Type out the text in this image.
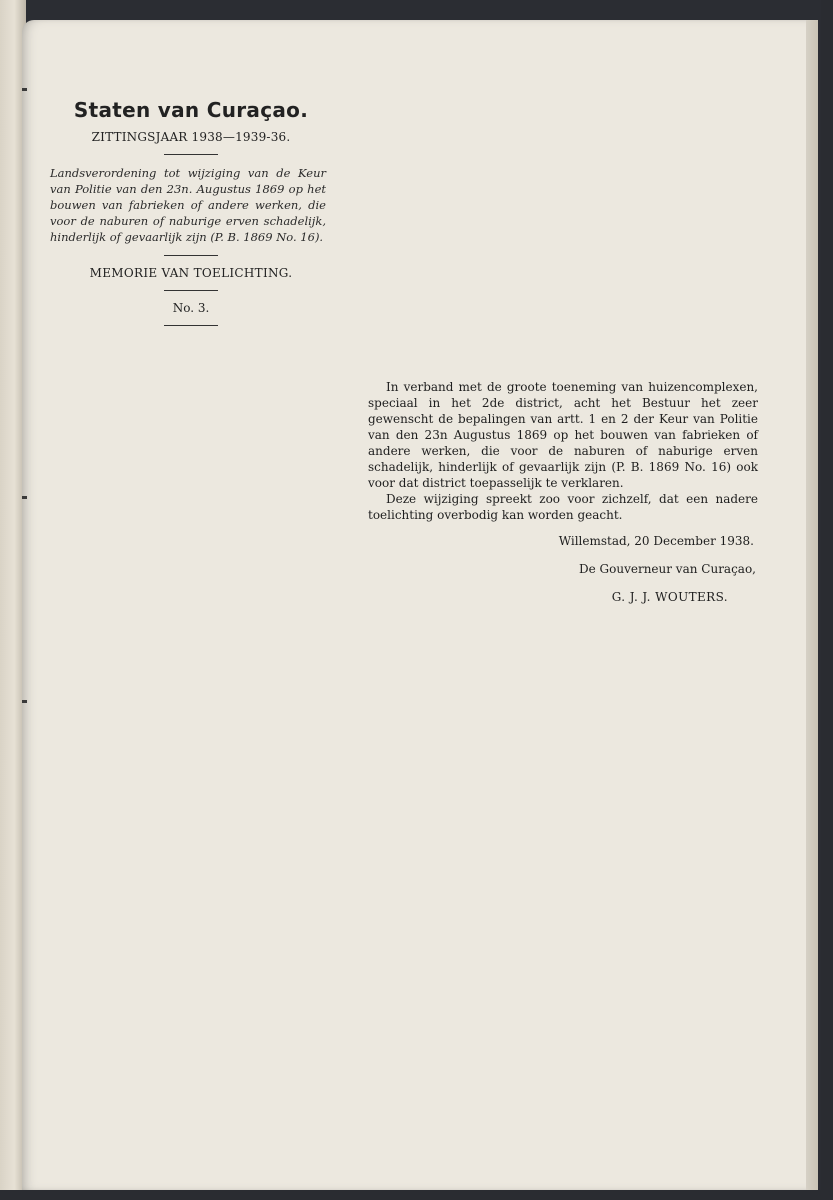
Staten van Curaçao.
ZITTINGSJAAR 1938—1939-36.

Landsverordening tot wijziging van de Keur van Politie van den 23n. Augustus 1869 op het bouwen van fabrieken of andere werken, die voor de naburen of naburige erven schadelijk, hinderlijk of gevaarlijk zijn (P. B. 1869 No. 16).

MEMORIE VAN TOELICHTING.
No. 3.

In verband met de groote toeneming van huizencomplexen, speciaal in het 2de district, acht het Bestuur het zeer gewenscht de bepalingen van artt. 1 en 2 der Keur van Politie van den 23n Augustus 1869 op het bouwen van fabrieken of andere werken, die voor de naburen of naburige erven schadelijk, hinderlijk of gevaarlijk zijn (P. B. 1869 No. 16) ook voor dat district toepasselijk te verklaren.

Deze wijziging spreekt zoo voor zichzelf, dat een nadere toelichting overbodig kan worden geacht.

Willemstad, 20 December 1938.

De Gouverneur van Curaçao,

G. J. J. WOUTERS.
